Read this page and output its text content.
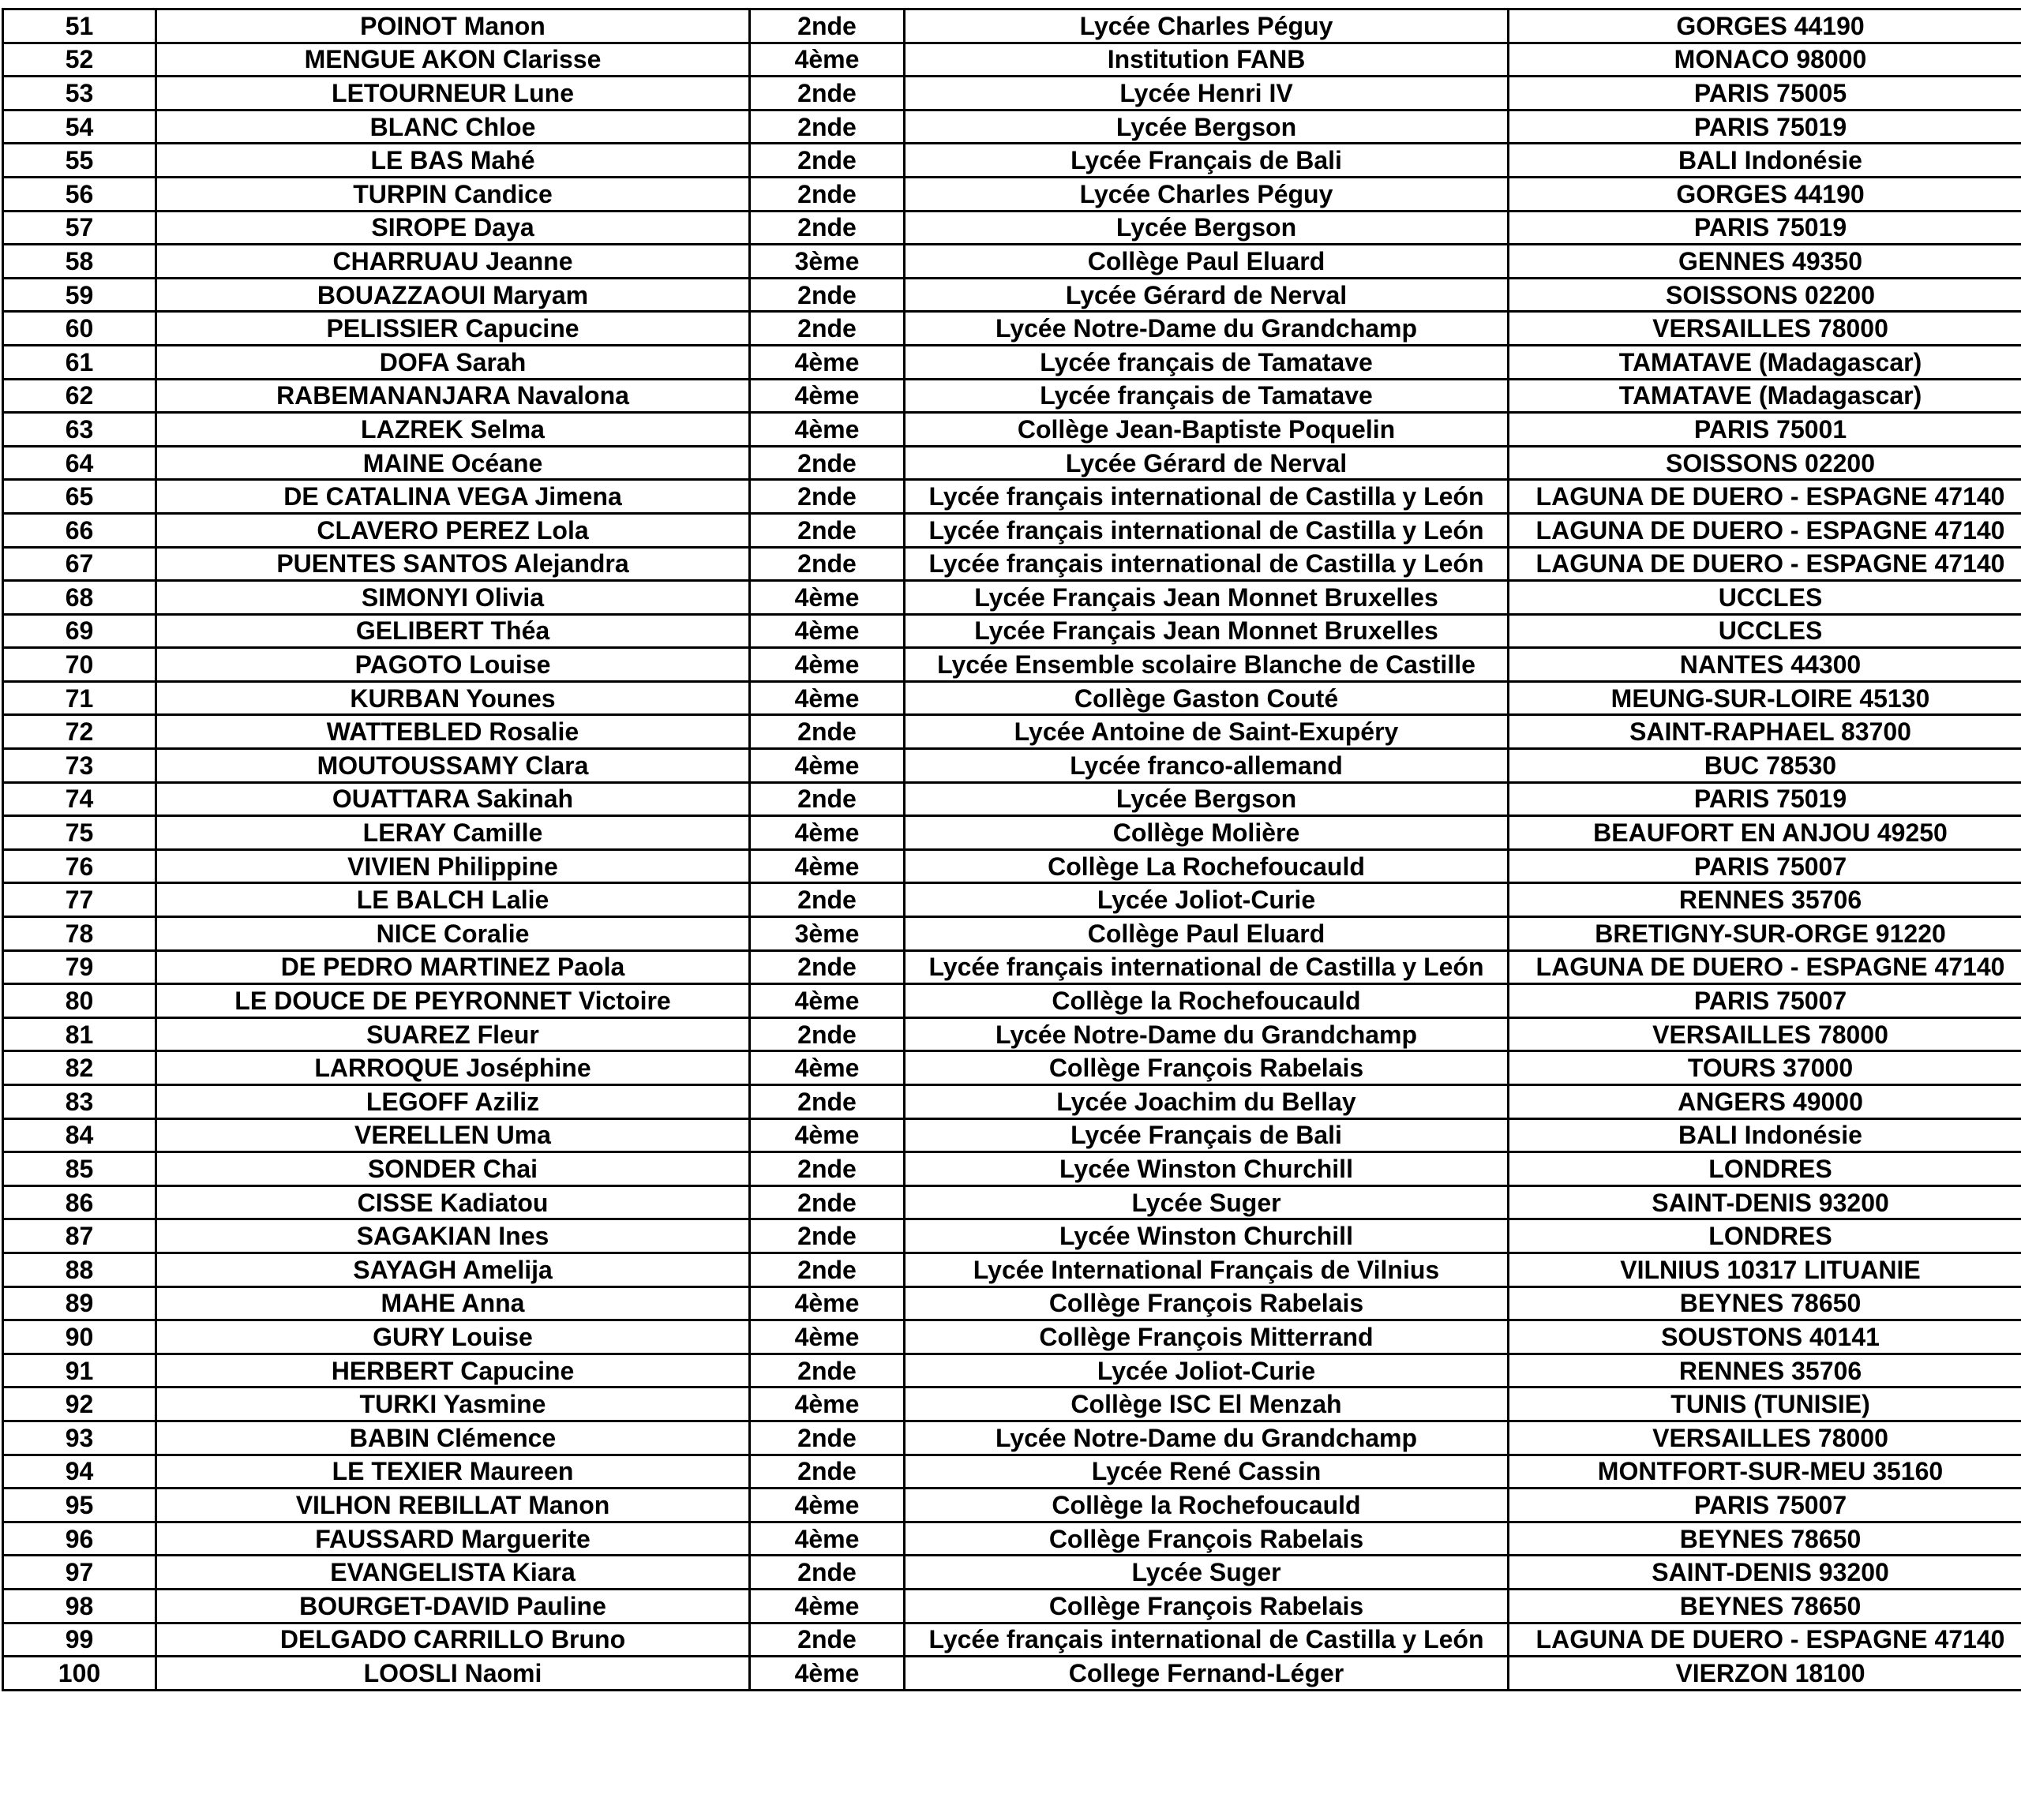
51	POINOT Manon	2nde	Lycée Charles Péguy	GORGES 44190
52	MENGUE AKON Clarisse	4ème	Institution FANB	MONACO 98000
53	LETOURNEUR Lune	2nde	Lycée Henri IV	PARIS 75005
54	BLANC Chloe	2nde	Lycée Bergson	PARIS 75019
55	LE BAS Mahé	2nde	Lycée Français de Bali	BALI Indonésie
56	TURPIN Candice	2nde	Lycée Charles Péguy	GORGES 44190
57	SIROPE Daya	2nde	Lycée Bergson	PARIS 75019
58	CHARRUAU Jeanne	3ème	Collège Paul Eluard	GENNES 49350
59	BOUAZZAOUI Maryam	2nde	Lycée Gérard de Nerval	SOISSONS 02200
60	PELISSIER Capucine	2nde	Lycée Notre-Dame du Grandchamp	VERSAILLES 78000
61	DOFA Sarah	4ème	Lycée français de Tamatave	TAMATAVE (Madagascar)
62	RABEMANANJARA Navalona	4ème	Lycée français de Tamatave	TAMATAVE (Madagascar)
63	LAZREK Selma	4ème	Collège Jean-Baptiste Poquelin	PARIS 75001
64	MAINE Océane	2nde	Lycée Gérard de Nerval	SOISSONS 02200
65	DE CATALINA VEGA Jimena	2nde	Lycée français international de Castilla y León	LAGUNA DE DUERO - ESPAGNE 47140
66	CLAVERO PEREZ Lola	2nde	Lycée français international de Castilla y León	LAGUNA DE DUERO - ESPAGNE 47140
67	PUENTES SANTOS Alejandra	2nde	Lycée français international de Castilla y León	LAGUNA DE DUERO - ESPAGNE 47140
68	SIMONYI Olivia	4ème	Lycée Français Jean Monnet Bruxelles	UCCLES
69	GELIBERT Théa	4ème	Lycée Français Jean Monnet Bruxelles	UCCLES
70	PAGOTO Louise	4ème	Lycée Ensemble scolaire Blanche de Castille	NANTES 44300
71	KURBAN Younes	4ème	Collège Gaston Couté	MEUNG-SUR-LOIRE 45130
72	WATTEBLED Rosalie	2nde	Lycée Antoine de Saint-Exupéry	SAINT-RAPHAEL 83700
73	MOUTOUSSAMY Clara	4ème	Lycée franco-allemand	BUC 78530
74	OUATTARA Sakinah	2nde	Lycée Bergson	PARIS 75019
75	LERAY Camille	4ème	Collège Molière	BEAUFORT EN ANJOU 49250
76	VIVIEN Philippine	4ème	Collège La Rochefoucauld	PARIS 75007
77	LE BALCH Lalie	2nde	Lycée Joliot-Curie	RENNES 35706
78	NICE Coralie	3ème	Collège Paul Eluard	BRETIGNY-SUR-ORGE 91220
79	DE PEDRO MARTINEZ Paola	2nde	Lycée français international de Castilla y León	LAGUNA DE DUERO - ESPAGNE 47140
80	LE DOUCE DE PEYRONNET Victoire	4ème	Collège la Rochefoucauld	PARIS 75007
81	SUAREZ Fleur	2nde	Lycée Notre-Dame du Grandchamp	VERSAILLES 78000
82	LARROQUE Joséphine	4ème	Collège François Rabelais	TOURS 37000
83	LEGOFF Aziliz	2nde	Lycée Joachim du Bellay	ANGERS 49000
84	VERELLEN Uma	4ème	Lycée Français de Bali	BALI Indonésie
85	SONDER Chai	2nde	Lycée Winston Churchill	LONDRES
86	CISSE Kadiatou	2nde	Lycée Suger	SAINT-DENIS 93200
87	SAGAKIAN Ines	2nde	Lycée Winston Churchill	LONDRES
88	SAYAGH Amelija	2nde	Lycée International Français de Vilnius	VILNIUS 10317 LITUANIE
89	MAHE Anna	4ème	Collège François Rabelais	BEYNES 78650
90	GURY Louise	4ème	Collège François Mitterrand	SOUSTONS 40141
91	HERBERT Capucine	2nde	Lycée Joliot-Curie	RENNES 35706
92	TURKI Yasmine	4ème	Collège ISC El Menzah	TUNIS (TUNISIE)
93	BABIN Clémence	2nde	Lycée Notre-Dame du Grandchamp	VERSAILLES 78000
94	LE TEXIER Maureen	2nde	Lycée René Cassin	MONTFORT-SUR-MEU 35160
95	VILHON REBILLAT Manon	4ème	Collège la Rochefoucauld	PARIS 75007
96	FAUSSARD Marguerite	4ème	Collège François Rabelais	BEYNES 78650
97	EVANGELISTA Kiara	2nde	Lycée Suger	SAINT-DENIS 93200
98	BOURGET-DAVID Pauline	4ème	Collège François Rabelais	BEYNES 78650
99	DELGADO CARRILLO Bruno	2nde	Lycée français international de Castilla y León	LAGUNA DE DUERO - ESPAGNE 47140
100	LOOSLI Naomi	4ème	College Fernand-Léger	VIERZON 18100
